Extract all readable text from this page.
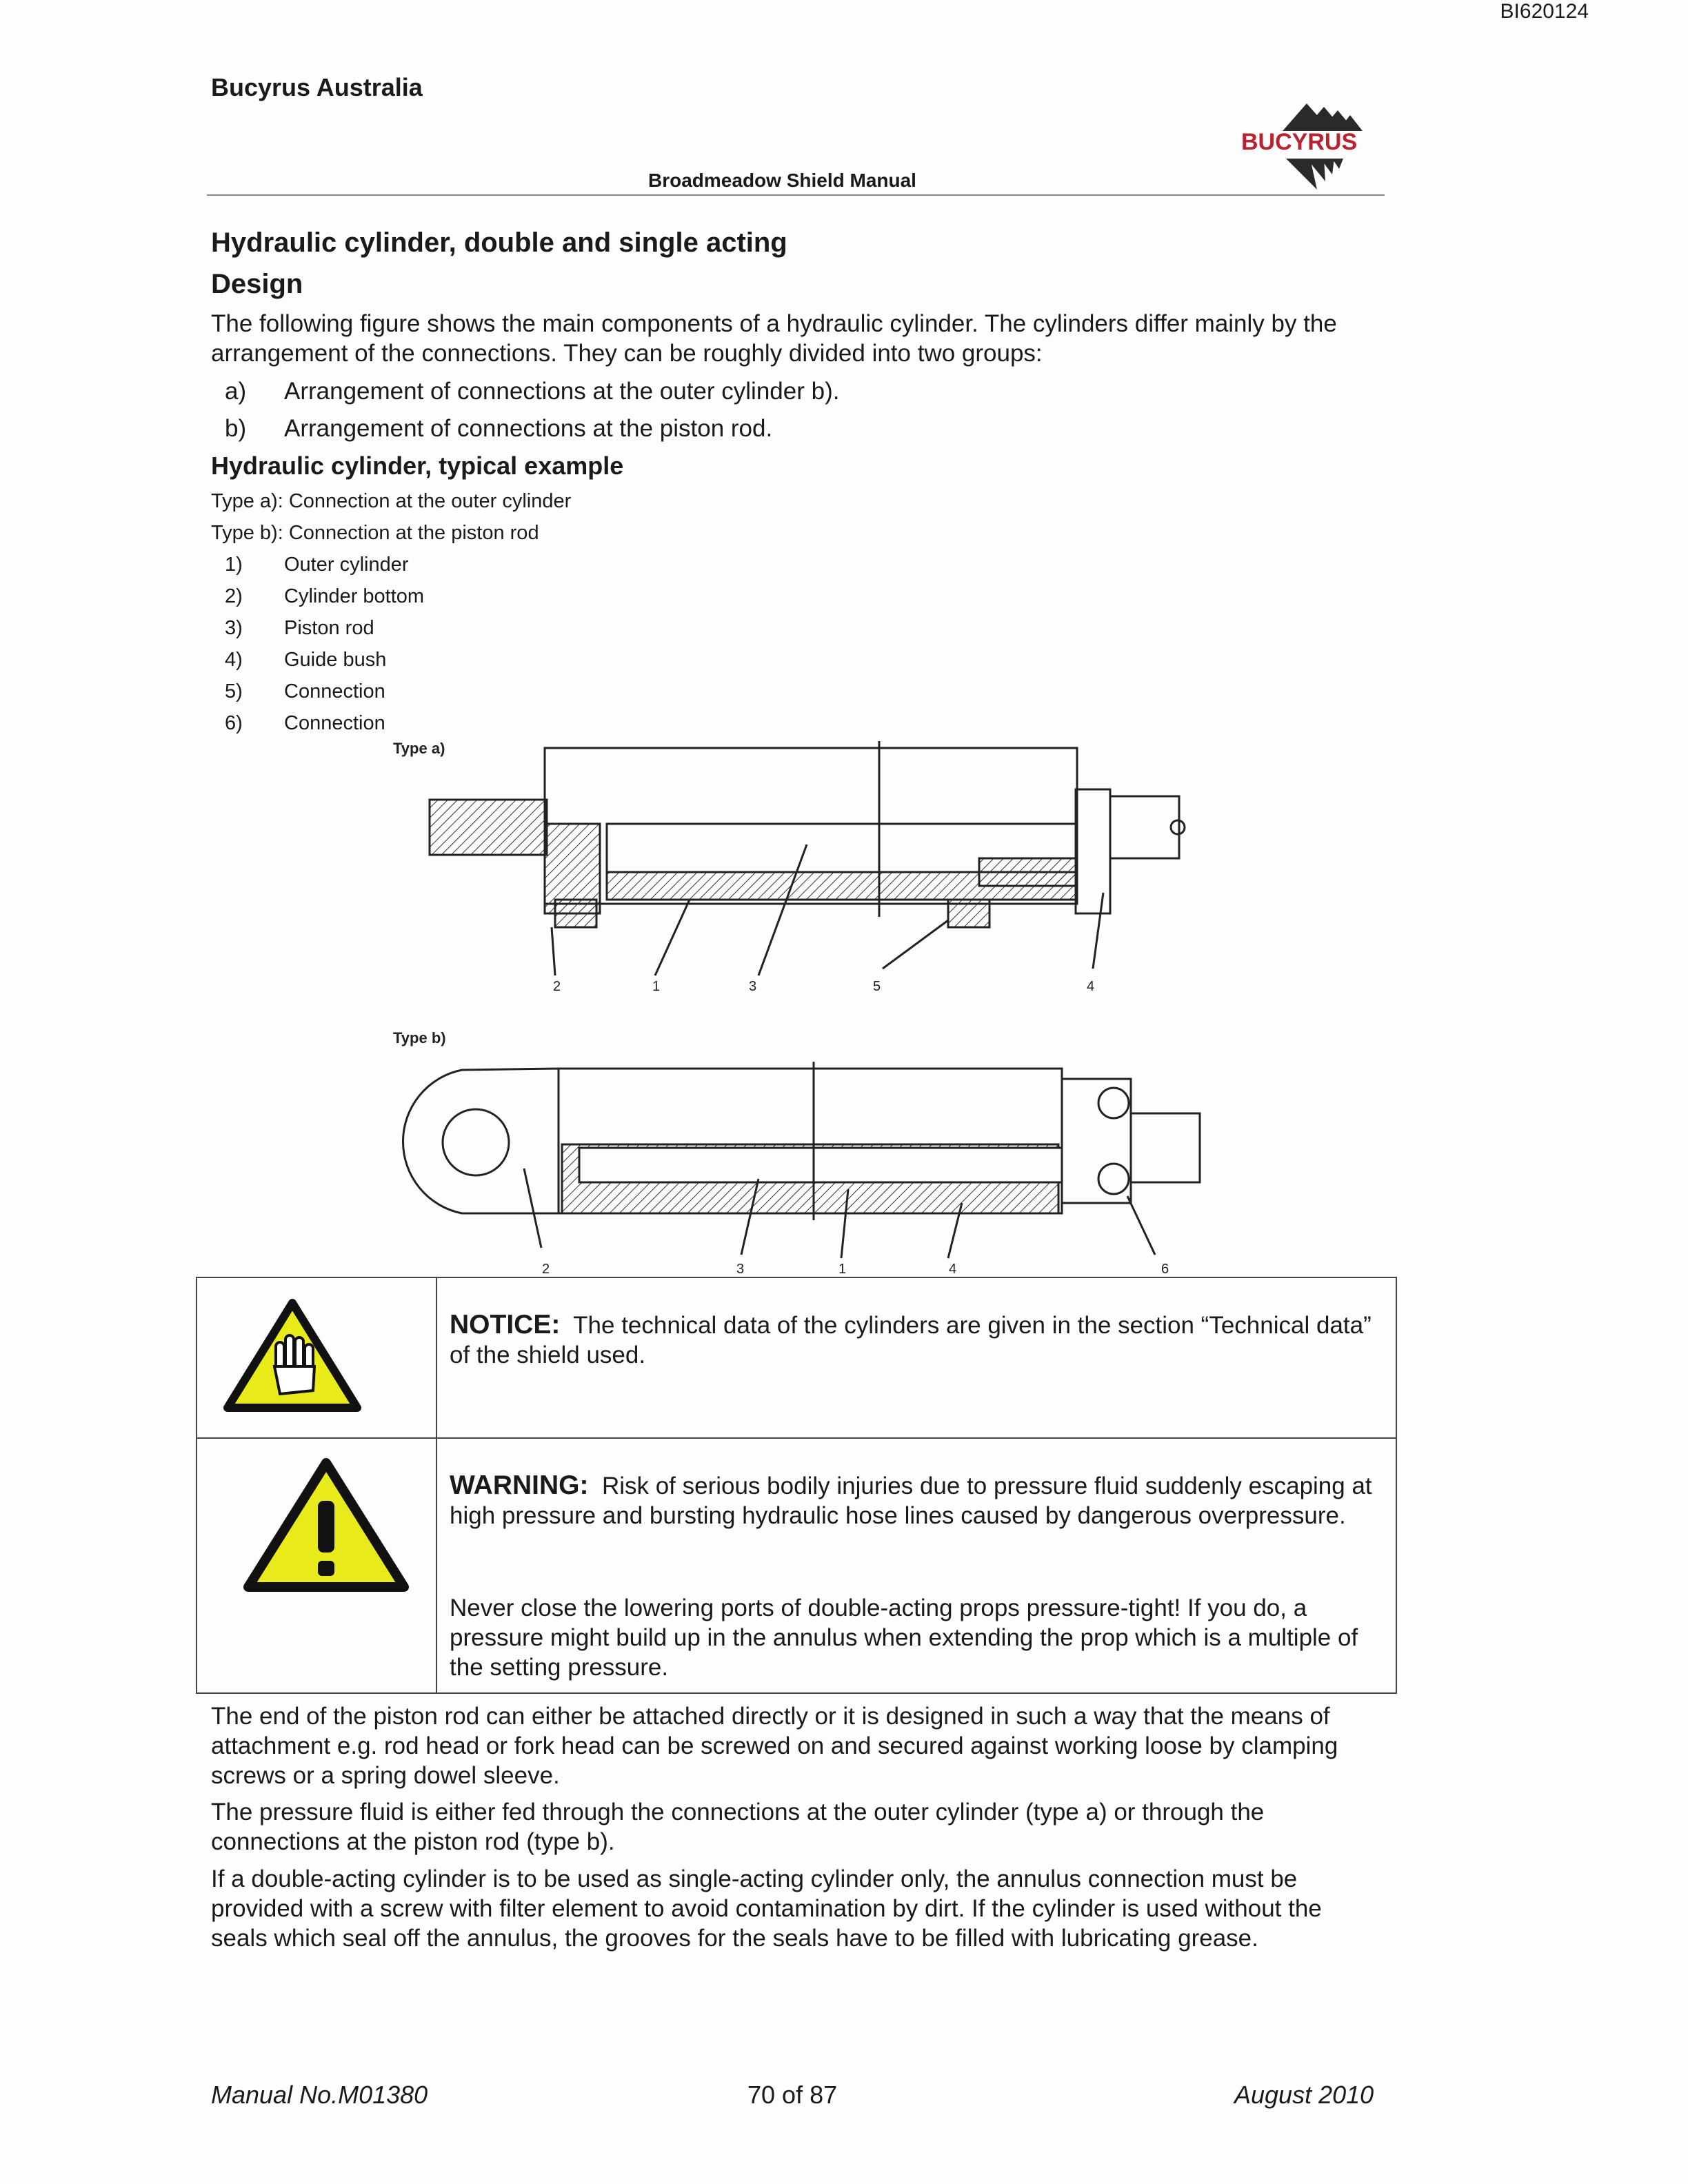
BI620124
Bucyrus Australia
BUCYRUS
Broadmeadow Shield Manual
Hydraulic cylinder, double and single acting
Design
The following figure shows the main components of a hydraulic cylinder. The cylinders differ mainly by the arrangement of the connections. They can be roughly divided into two groups:
a) Arrangement of connections at the outer cylinder b).
b) Arrangement of connections at the piston rod.
Hydraulic cylinder, typical example
Type a): Connection at the outer cylinder
Type b): Connection at the piston rod
1) Outer cylinder
2) Cylinder bottom
3) Piston rod
4) Guide bush
5) Connection
6) Connection
Type a)
2	1	3	5	4
Type b)
2	3	1	4	6
NOTICE: The technical data of the cylinders are given in the section “Technical data” of the shield used.
WARNING: Risk of serious bodily injuries due to pressure fluid suddenly escaping at high pressure and bursting hydraulic hose lines caused by dangerous overpressure.
Never close the lowering ports of double-acting props pressure-tight! If you do, a pressure might build up in the annulus when extending the prop which is a multiple of the setting pressure.
The end of the piston rod can either be attached directly or it is designed in such a way that the means of attachment e.g. rod head or fork head can be screwed on and secured against working loose by clamping screws or a spring dowel sleeve.
The pressure fluid is either fed through the connections at the outer cylinder (type a) or through the connections at the piston rod (type b).
If a double-acting cylinder is to be used as single-acting cylinder only, the annulus connection must be provided with a screw with filter element to avoid contamination by dirt. If the cylinder is used without the seals which seal off the annulus, the grooves for the seals have to be filled with lubricating grease.
Manual No.M01380	70 of 87	August 2010
